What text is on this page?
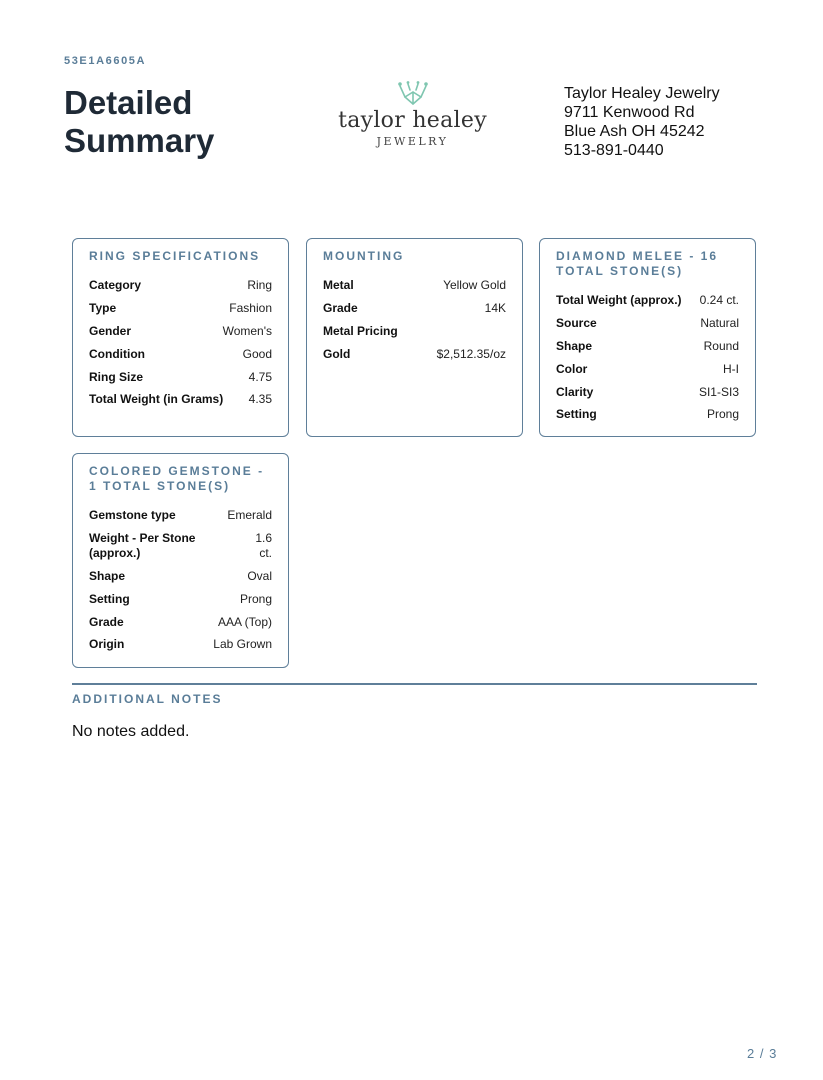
53E1A6605A
Detailed Summary
taylor healey
JEWELRY
Taylor Healey Jewelry
9711 Kenwood Rd
Blue Ash OH 45242
513-891-0440
RING SPECIFICATIONS
Category	Ring
Type	Fashion
Gender	Women's
Condition	Good
Ring Size	4.75
Total Weight (in Grams) 4.35
MOUNTING
Metal	Yellow Gold
Grade	14K
Metal Pricing
Gold	$2,512.35/oz
DIAMOND MELEE - 16 TOTAL STONE(S)
Total Weight (approx.) 0.24 ct.
Source	Natural
Shape	Round
Color	H-I
Clarity	SI1-SI3
Setting	Prong
COLORED GEMSTONE - 1 TOTAL STONE(S)
Gemstone type	Emerald
Weight - Per Stone (approx.)
1.6 ct.
Shape	Oval
Setting	Prong
Grade	AAA (Top)
Origin	Lab Grown
ADDITIONAL NOTES
No notes added.
2 / 3
